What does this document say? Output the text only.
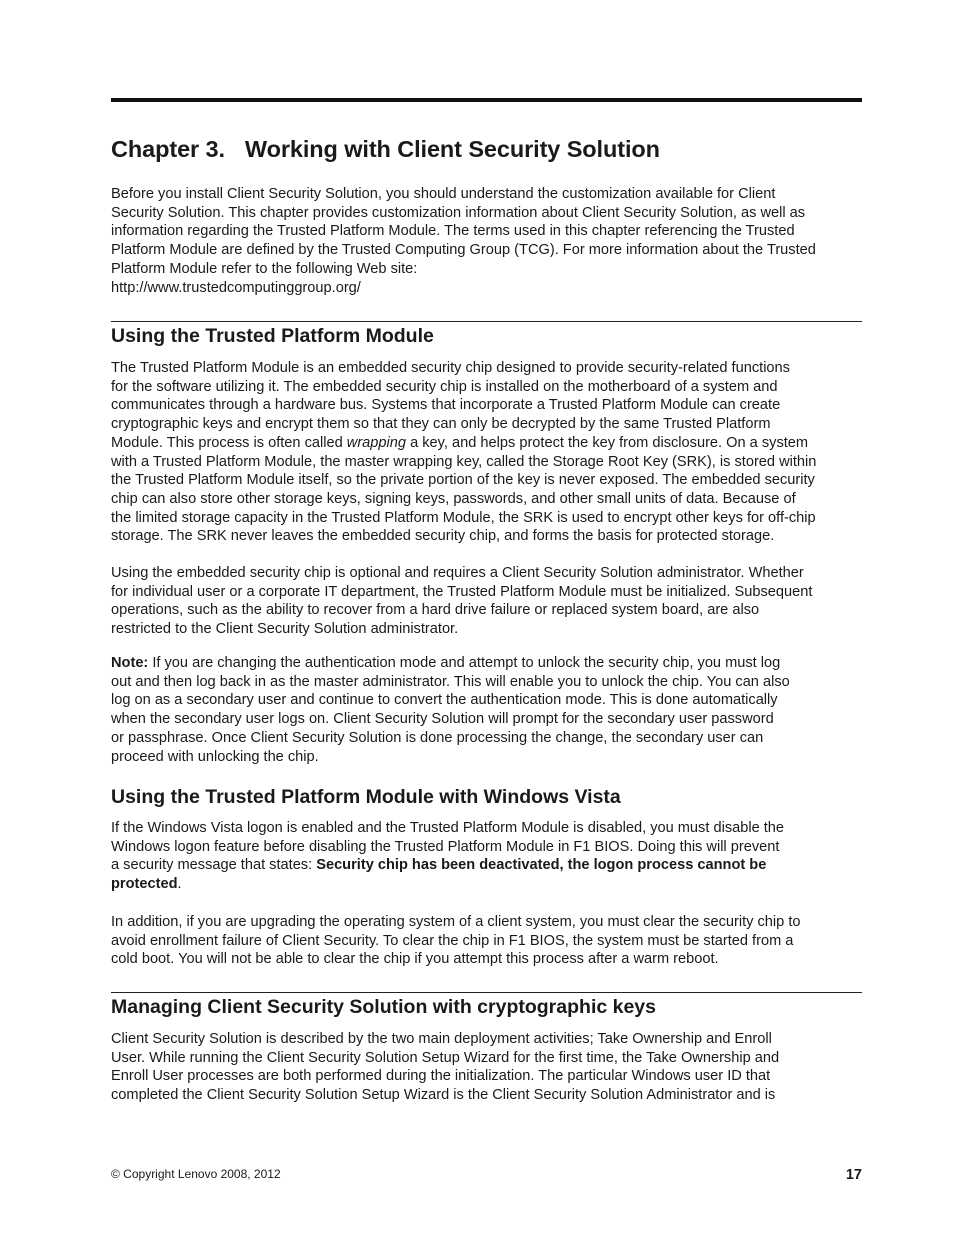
Chapter 3. Working with Client Security Solution

Before you install Client Security Solution, you should understand the customization available for Client
Security Solution. This chapter provides customization information about Client Security Solution, as well as
information regarding the Trusted Platform Module. The terms used in this chapter referencing the Trusted
Platform Module are defined by the Trusted Computing Group (TCG). For more information about the Trusted
Platform Module refer to the following Web site:
http://www.trustedcomputinggroup.org/

Using the Trusted Platform Module

The Trusted Platform Module is an embedded security chip designed to provide security-related functions
for the software utilizing it. The embedded security chip is installed on the motherboard of a system and
communicates through a hardware bus. Systems that incorporate a Trusted Platform Module can create
cryptographic keys and encrypt them so that they can only be decrypted by the same Trusted Platform
Module. This process is often called wrapping a key, and helps protect the key from disclosure. On a system
with a Trusted Platform Module, the master wrapping key, called the Storage Root Key (SRK), is stored within
the Trusted Platform Module itself, so the private portion of the key is never exposed. The embedded security
chip can also store other storage keys, signing keys, passwords, and other small units of data. Because of
the limited storage capacity in the Trusted Platform Module, the SRK is used to encrypt other keys for off-chip
storage. The SRK never leaves the embedded security chip, and forms the basis for protected storage.

Using the embedded security chip is optional and requires a Client Security Solution administrator. Whether
for individual user or a corporate IT department, the Trusted Platform Module must be initialized. Subsequent
operations, such as the ability to recover from a hard drive failure or replaced system board, are also
restricted to the Client Security Solution administrator.

Note: If you are changing the authentication mode and attempt to unlock the security chip, you must log
out and then log back in as the master administrator. This will enable you to unlock the chip. You can also
log on as a secondary user and continue to convert the authentication mode. This is done automatically
when the secondary user logs on. Client Security Solution will prompt for the secondary user password
or passphrase. Once Client Security Solution is done processing the change, the secondary user can
proceed with unlocking the chip.

Using the Trusted Platform Module with Windows Vista

If the Windows Vista logon is enabled and the Trusted Platform Module is disabled, you must disable the
Windows logon feature before disabling the Trusted Platform Module in F1 BIOS. Doing this will prevent
a security message that states: Security chip has been deactivated, the logon process cannot be
protected.

In addition, if you are upgrading the operating system of a client system, you must clear the security chip to
avoid enrollment failure of Client Security. To clear the chip in F1 BIOS, the system must be started from a
cold boot. You will not be able to clear the chip if you attempt this process after a warm reboot.

Managing Client Security Solution with cryptographic keys

Client Security Solution is described by the two main deployment activities; Take Ownership and Enroll
User. While running the Client Security Solution Setup Wizard for the first time, the Take Ownership and
Enroll User processes are both performed during the initialization. The particular Windows user ID that
completed the Client Security Solution Setup Wizard is the Client Security Solution Administrator and is

© Copyright Lenovo 2008, 2012	17
